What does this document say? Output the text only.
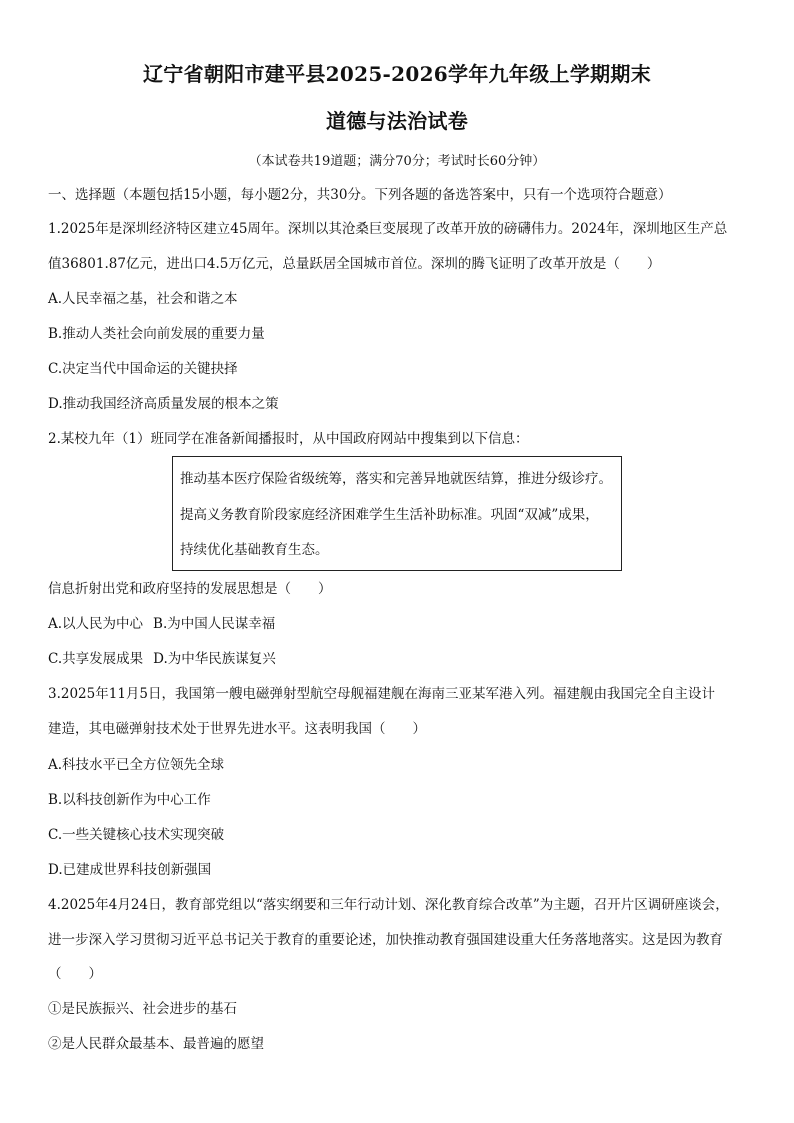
辽宁省朝阳市建平县2025-2026学年九年级上学期期末
道德与法治试卷
（本试卷共19道题；满分70分；考试时长60分钟）
一、选择题（本题包括15小题，每小题2分，共30分。下列各题的备选答案中，只有一个选项符合题意）
1.2025年是深圳经济特区建立45周年。深圳以其沧桑巨变展现了改革开放的磅礴伟力。2024年，深圳地区生产总
值36801.87亿元，进出口4.5万亿元，总量跃居全国城市首位。深圳的腾飞证明了改革开放是（　　）
A.人民幸福之基，社会和谐之本
B.推动人类社会向前发展的重要力量
C.决定当代中国命运的关键抉择
D.推动我国经济高质量发展的根本之策
2.某校九年（1）班同学在准备新闻播报时，从中国政府网站中搜集到以下信息：
推动基本医疗保险省级统筹，落实和完善异地就医结算，推进分级诊疗。
提高义务教育阶段家庭经济困难学生生活补助标准。巩固“双减”成果，
持续优化基础教育生态。
信息折射出党和政府坚持的发展思想是（　　）
A.以人民为中心 B.为中国人民谋幸福
C.共享发展成果 D.为中华民族谋复兴
3.2025年11月5日，我国第一艘电磁弹射型航空母舰福建舰在海南三亚某军港入列。福建舰由我国完全自主设计
建造，其电磁弹射技术处于世界先进水平。这表明我国（　　）
A.科技水平已全方位领先全球
B.以科技创新作为中心工作
C.一些关键核心技术实现突破
D.已建成世界科技创新强国
4.2025年4月24日，教育部党组以“落实纲要和三年行动计划、深化教育综合改革”为主题，召开片区调研座谈会，
进一步深入学习贯彻习近平总书记关于教育的重要论述，加快推动教育强国建设重大任务落地落实。这是因为教育
（　　）
①是民族振兴、社会进步的基石
②是人民群众最基本、最普遍的愿望
